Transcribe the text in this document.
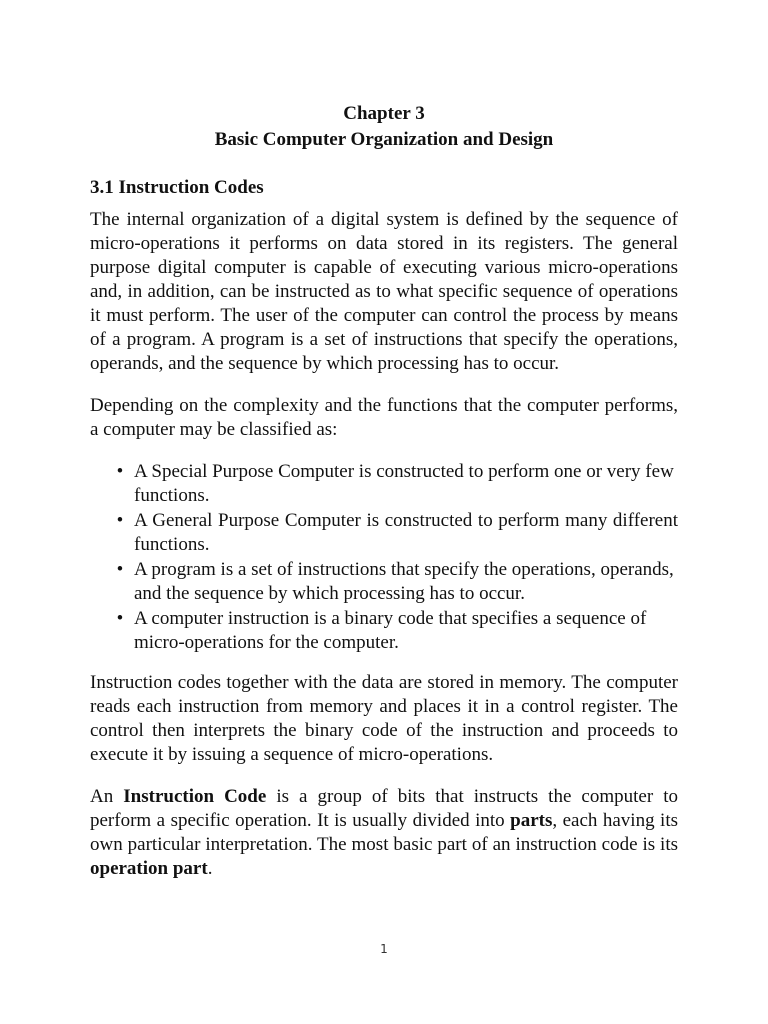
Chapter 3
Basic Computer Organization and Design
3.1 Instruction Codes

The internal organization of a digital system is defined by the sequence of micro-operations it performs on data stored in its registers. The general purpose digital computer is capable of executing various micro-operations and, in addition, can be instructed as to what specific sequence of operations it must perform. The user of the computer can control the process by means of a program. A program is a set of instructions that specify the operations, operands, and the sequence by which processing has to occur.

Depending on the complexity and the functions that the computer performs, a computer may be classified as:

• A Special Purpose Computer is constructed to perform one or very few functions.
• A General Purpose Computer is constructed to perform many different functions.
• A program is a set of instructions that specify the operations, operands, and the sequence by which processing has to occur.
• A computer instruction is a binary code that specifies a sequence of micro-operations for the computer.

Instruction codes together with the data are stored in memory. The computer reads each instruction from memory and places it in a control register. The control then interprets the binary code of the instruction and proceeds to execute it by issuing a sequence of micro-operations.

An Instruction Code is a group of bits that instructs the computer to perform a specific operation. It is usually divided into parts, each having its own particular interpretation. The most basic part of an instruction code is its operation part.

1
